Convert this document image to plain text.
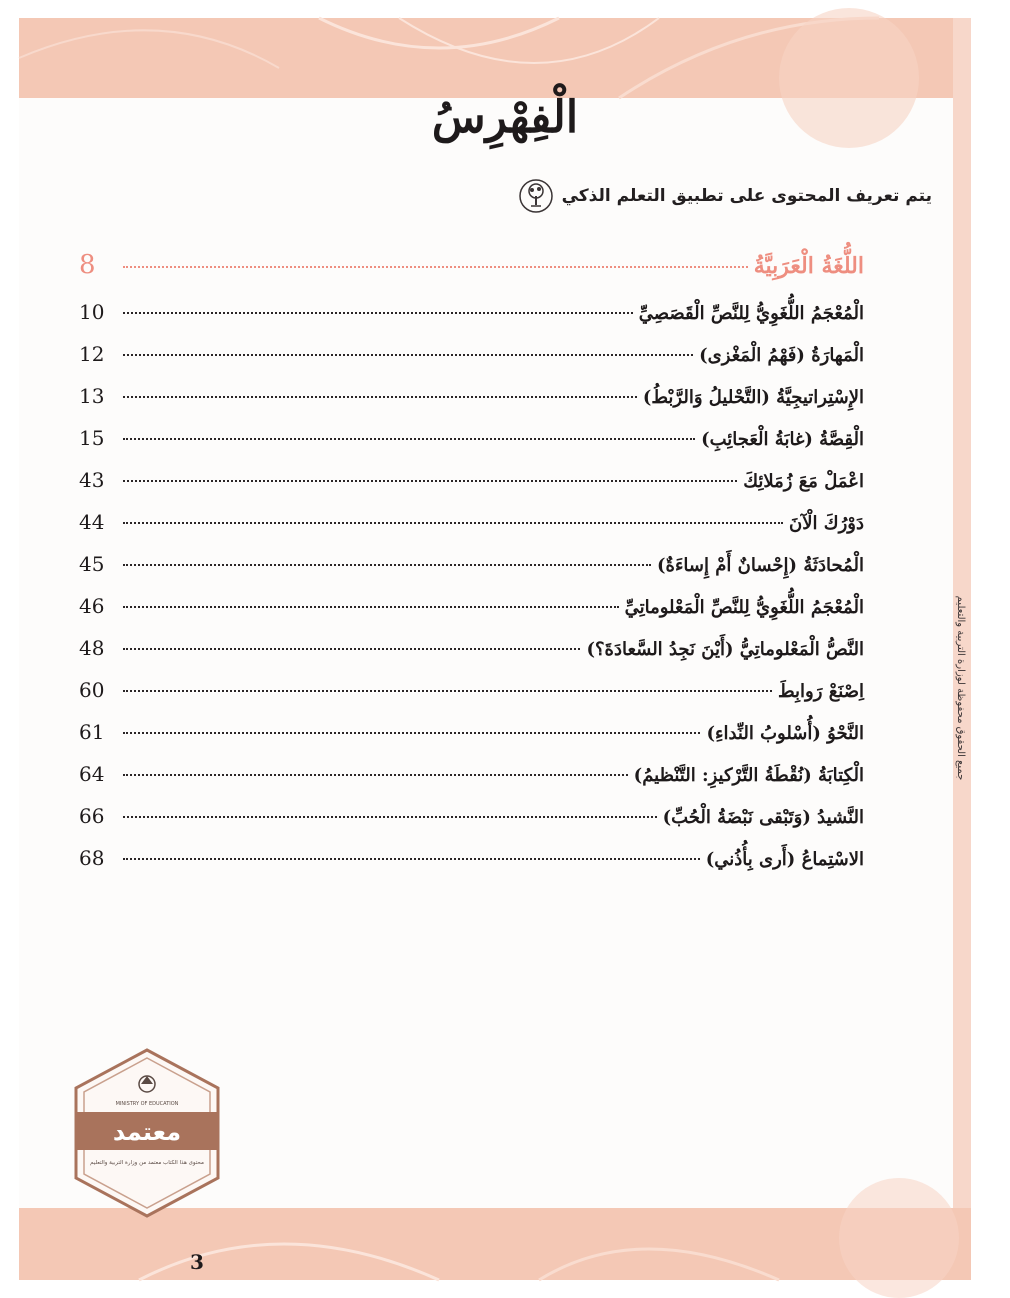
جميع الحقوق محفوظة لوزارة التربية والتعليم
الْفِهْرِسُ
يتم تعريف المحتوى على تطبيق التعلم الذكي
اللُّغَةُ الْعَرَبِيَّةُ
8
الْمُعْجَمُ اللُّغَوِيُّ لِلنَّصِّ الْقَصَصِيِّ
10
الْمَهارَةُ (فَهْمُ الْمَغْزى)
12
الإِسْتِراتيجِيَّةُ (التَّحْليلُ وَالرَّبْطُ)
13
الْقِصَّةُ (غابَةُ الْعَجائِبِ)
15
اعْمَلْ مَعَ زُمَلائِكَ
43
دَوْرُكَ الْآنَ
44
الْمُحادَثَةُ (إِحْسانٌ أَمْ إِساءَةٌ)
45
الْمُعْجَمُ اللُّغَوِيُّ لِلنَّصِّ الْمَعْلوماتِيِّ
46
النَّصُّ الْمَعْلوماتِيُّ (أَيْنَ نَجِدُ السَّعادَةَ؟)
48
اِصْنَعْ رَوابِطَ
60
النَّحْوُ (أُسْلوبُ النِّداءِ)
61
الْكِتابَةُ (نُقْطَةُ التَّرْكيزِ: التَّنْظيمُ)
64
النَّشيدُ (وَتَبْقى نَبْضَةُ الْحُبِّ)
66
الاسْتِماعُ (أَرى بِأُذُني)
68
MINISTRY OF EDUCATION
معتمد
محتوى هذا الكتاب معتمد من وزارة التربية والتعليم
3
